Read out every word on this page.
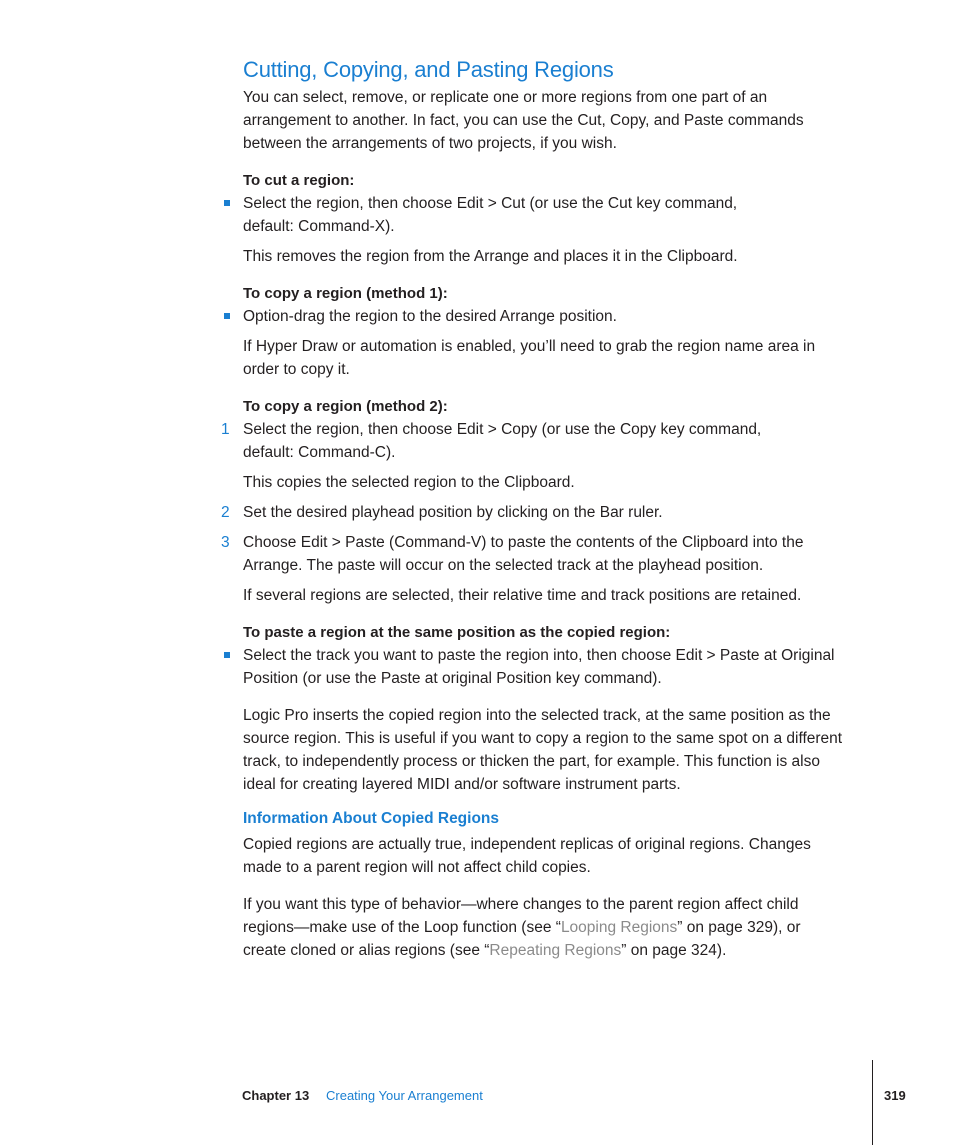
Cutting, Copying, and Pasting Regions
You can select, remove, or replicate one or more regions from one part of an
arrangement to another. In fact, you can use the Cut, Copy, and Paste commands
between the arrangements of two projects, if you wish.
To cut a region:
Select the region, then choose Edit > Cut (or use the Cut key command,
default: Command-X).
This removes the region from the Arrange and places it in the Clipboard.
To copy a region (method 1):
Option-drag the region to the desired Arrange position.
If Hyper Draw or automation is enabled, you’ll need to grab the region name area in
order to copy it.
To copy a region (method 2):
1 Select the region, then choose Edit > Copy (or use the Copy key command,
default: Command-C).
This copies the selected region to the Clipboard.
2 Set the desired playhead position by clicking on the Bar ruler.
3 Choose Edit > Paste (Command-V) to paste the contents of the Clipboard into the
Arrange. The paste will occur on the selected track at the playhead position.
If several regions are selected, their relative time and track positions are retained.
To paste a region at the same position as the copied region:
Select the track you want to paste the region into, then choose Edit > Paste at Original
Position (or use the Paste at original Position key command).
Logic Pro inserts the copied region into the selected track, at the same position as the
source region. This is useful if you want to copy a region to the same spot on a different
track, to independently process or thicken the part, for example. This function is also
ideal for creating layered MIDI and/or software instrument parts.
Information About Copied Regions
Copied regions are actually true, independent replicas of original regions. Changes
made to a parent region will not affect child copies.
If you want this type of behavior—where changes to the parent region affect child
regions—make use of the Loop function (see “Looping Regions” on page 329), or
create cloned or alias regions (see “Repeating Regions” on page 324).
Chapter 13 Creating Your Arrangement	319
